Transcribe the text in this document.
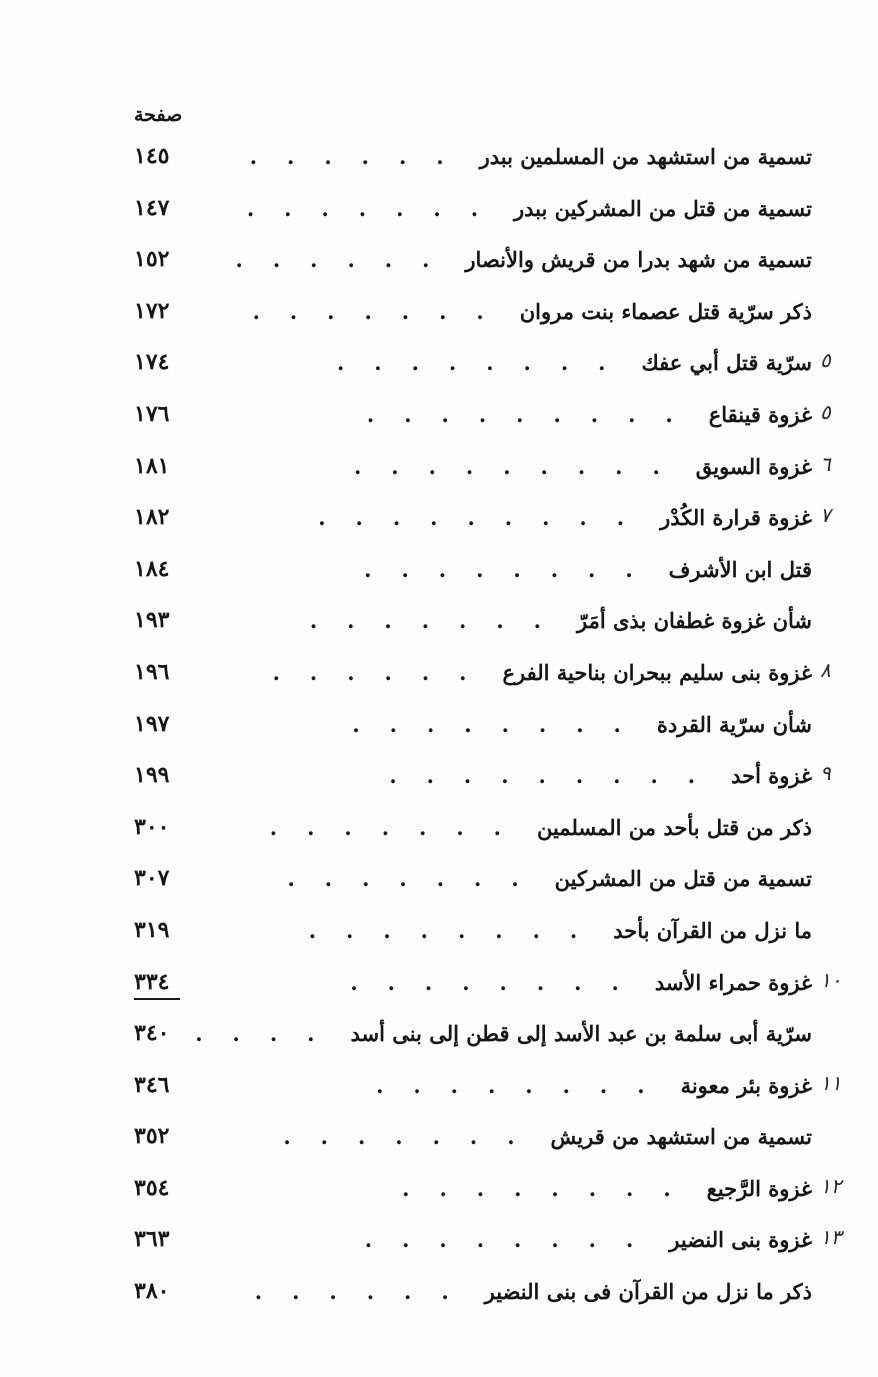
صفحة
١٤٥	تسمية من استشهد من المسلمين ببدر
......
١٤٧	تسمية من قتل من المشركين ببدر
.......
١٥٢	تسمية من شهد بدرا من قريش والأنصار
......
١٧٢	ذكر سرّية قتل عصماء بنت مروان
.......
١٧٤	سرّية قتل أبي عفك
........	٥
١٧٦	غزوة قينقاع
.........	٥
١٨١	غزوة السويق
.........	٦
١٨٢	غزوة قرارة الكُدْر
.........	٧
١٨٤	قتل ابن الأشرف
........
١٩٣	شأن غزوة غطفان بذى أمَرّ
.......
١٩٦	غزوة بنى سليم ببحران بناحية الفرع
......	٨
١٩٧	شأن سرّية القردة
........
١٩٩	غزوة أحد
.........	٩
٣٠٠	ذكر من قتل بأحد من المسلمين
.......
٣٠٧	تسمية من قتل من المشركين
.......
٣١٩	ما نزل من القرآن بأحد
........
٣٣٤	غزوة حمراء الأسد
........	١٠
٣٤٠	سرّية أبى سلمة بن عبد الأسد إلى قطن إلى بنى أسد
....
٣٤٦	غزوة بئر معونة
........	١١
٣٥٢	تسمية من استشهد من قريش
.......
٣٥٤	غزوة الرَّجيع
........	١٢
٣٦٣	غزوة بنى النضير
........	١٣
٣٨٠	ذكر ما نزل من القرآن فى بنى النضير
......
